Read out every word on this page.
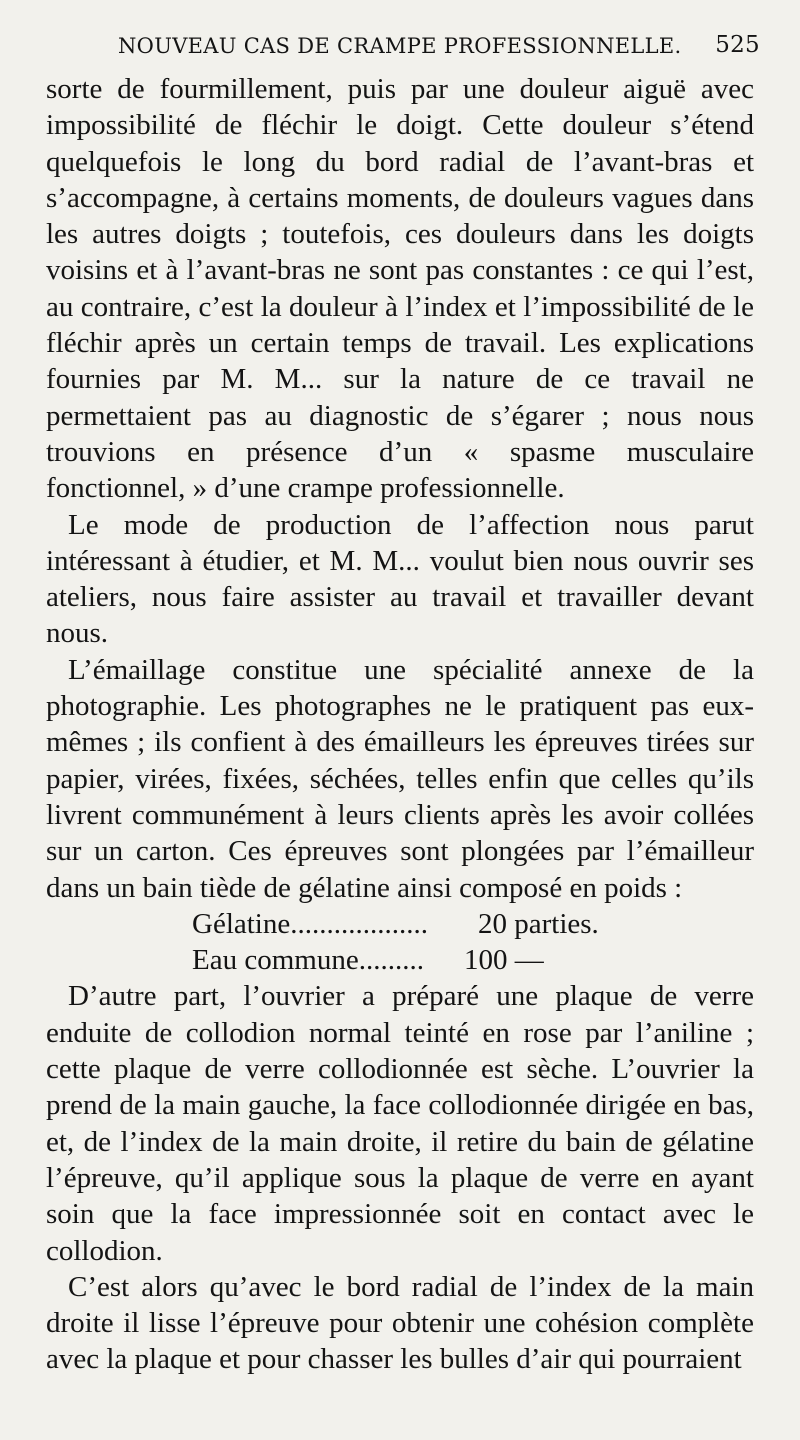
NOUVEAU CAS DE CRAMPE PROFESSIONNELLE. 525

sorte de fourmillement, puis par une douleur aiguë avec impossibilité de fléchir le doigt. Cette douleur s’étend quelquefois le long du bord radial de l’avant-bras et s’accompagne, à certains moments, de douleurs vagues dans les autres doigts ; toutefois, ces douleurs dans les doigts voisins et à l’avant-bras ne sont pas constantes : ce qui l’est, au contraire, c’est la douleur à l’index et l’impossibilité de le fléchir après un certain temps de travail. Les explications fournies par M. M... sur la nature de ce travail ne permettaient pas au diagnostic de s’égarer ; nous nous trouvions en présence d’un « spasme musculaire fonctionnel, » d’une crampe professionnelle.

Le mode de production de l’affection nous parut intéressant à étudier, et M. M... voulut bien nous ouvrir ses ateliers, nous faire assister au travail et travailler devant nous.

L’émaillage constitue une spécialité annexe de la photographie. Les photographes ne le pratiquent pas eux-mêmes ; ils confient à des émailleurs les épreuves tirées sur papier, virées, fixées, séchées, telles enfin que celles qu’ils livrent communément à leurs clients après les avoir collées sur un carton. Ces épreuves sont plongées par l’émailleur dans un bain tiède de gélatine ainsi composé en poids :

Gélatine...................	20 parties.
Eau commune.........	100 —

D’autre part, l’ouvrier a préparé une plaque de verre enduite de collodion normal teinté en rose par l’aniline ; cette plaque de verre collodionnée est sèche. L’ouvrier la prend de la main gauche, la face collodionnée dirigée en bas, et, de l’index de la main droite, il retire du bain de gélatine l’épreuve, qu’il applique sous la plaque de verre en ayant soin que la face impressionnée soit en contact avec le collodion.

C’est alors qu’avec le bord radial de l’index de la main droite il lisse l’épreuve pour obtenir une cohésion complète avec la plaque et pour chasser les bulles d’air qui pourraient
